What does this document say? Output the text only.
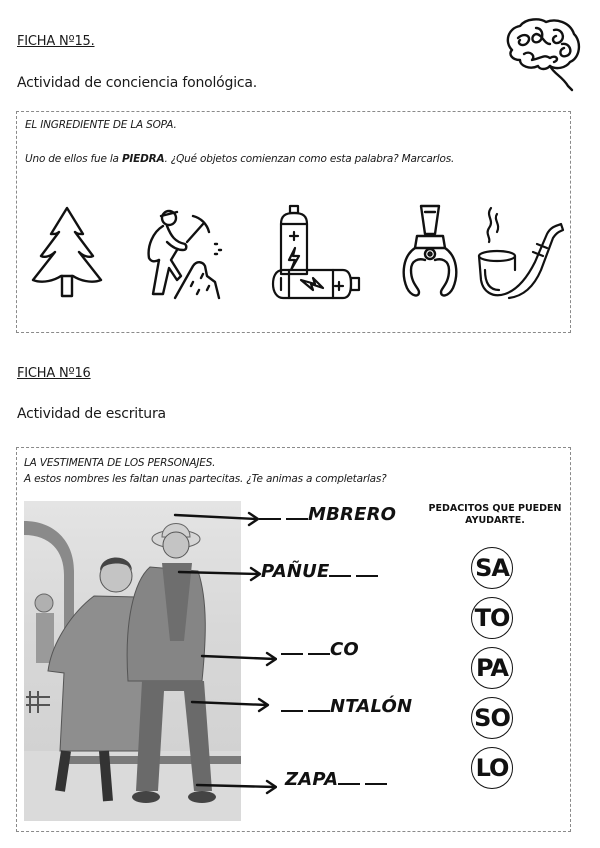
FICHA Nº15.
Actividad de conciencia fonológica.
EL INGREDIENTE DE LA SOPA.
Uno de ellos fue la PIEDRA. ¿Qué objetos comienzan como esta palabra? Marcarlos.
FICHA Nº16
Actividad de escritura
LA VESTIMENTA DE LOS PERSONAJES.
A estos nombres les faltan unas partecitas. ¿Te animas a completarlas?
MBRERO
PAÑUE
CO
NTALÓN
ZAPA
PEDACITOS QUE PUEDEN AYUDARTE.
SA
TO
PA
SO
LO
